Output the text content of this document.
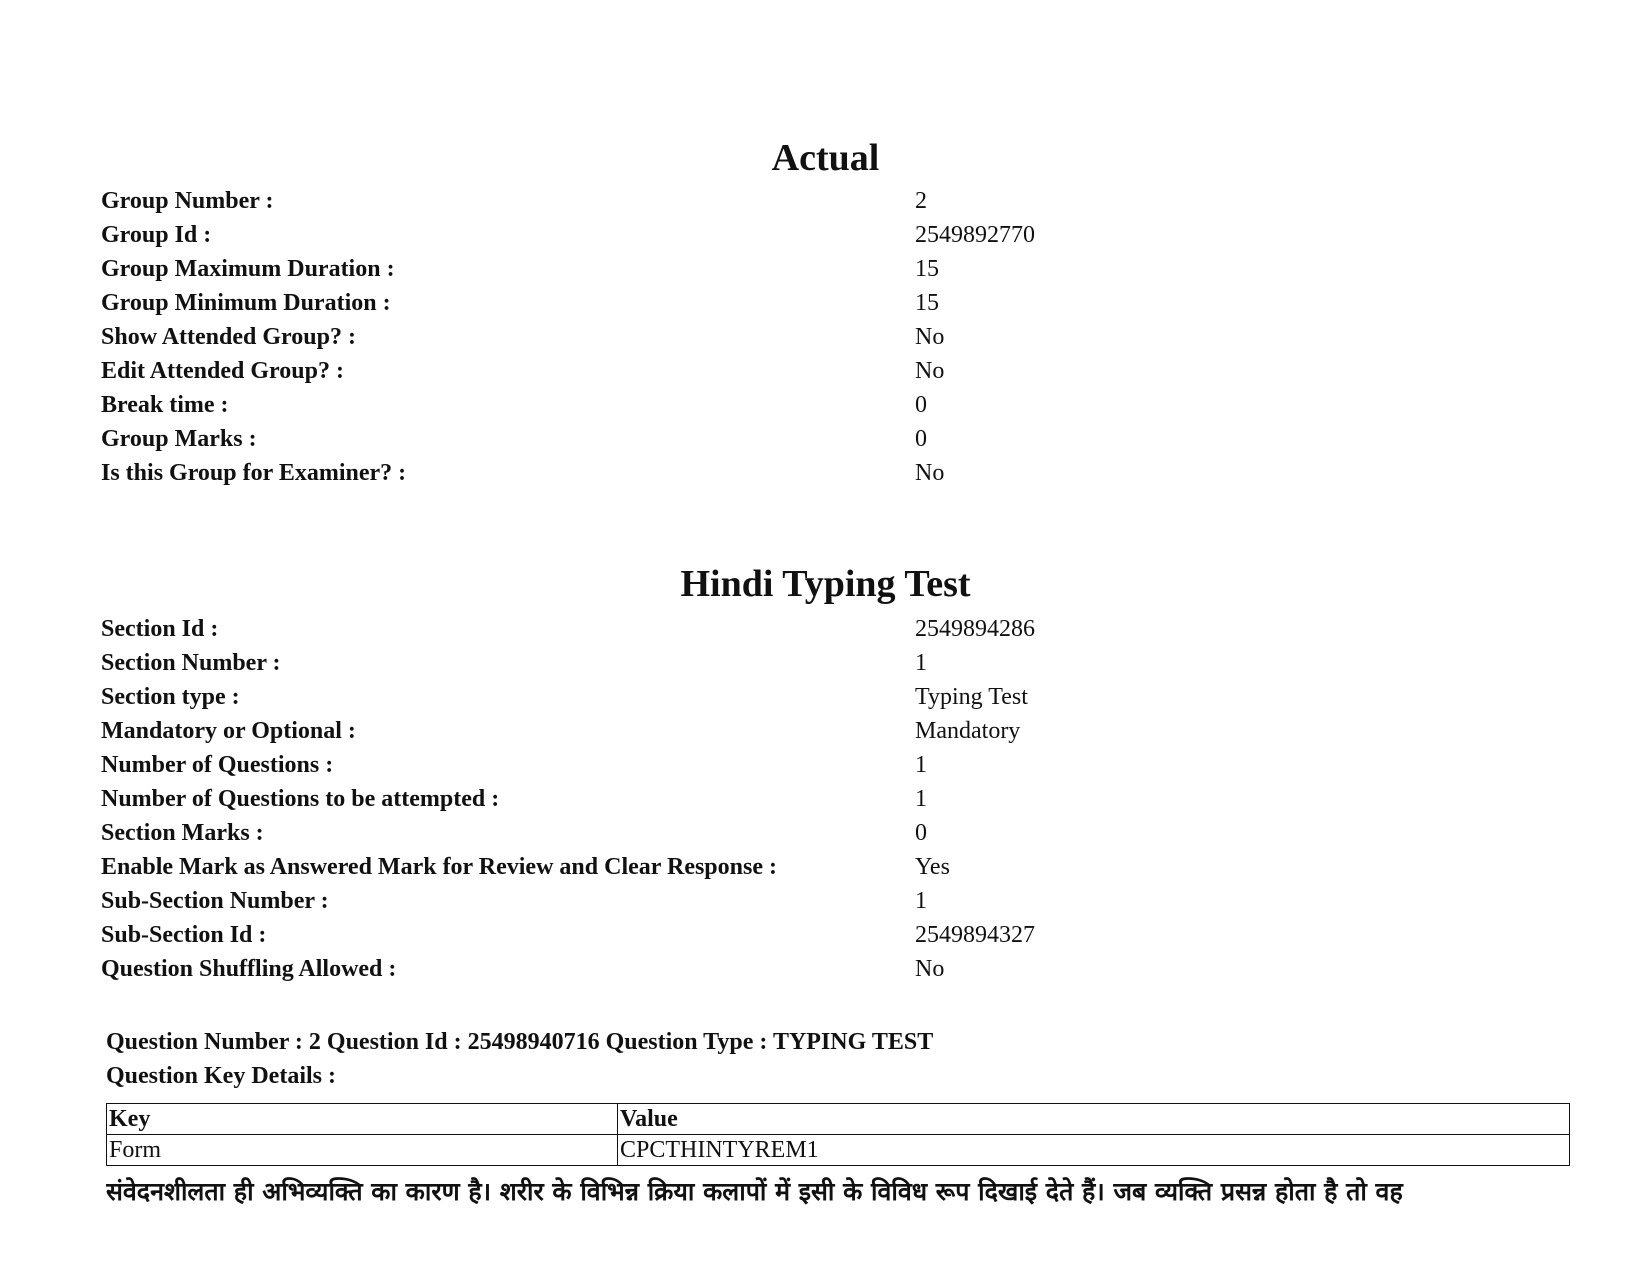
Actual
Group Number :	2
Group Id :	2549892770
Group Maximum Duration :	15
Group Minimum Duration :	15
Show Attended Group? :	No
Edit Attended Group? :	No
Break time :	0
Group Marks :	0
Is this Group for Examiner? :	No
Hindi Typing Test
Section Id :	2549894286
Section Number :	1
Section type :	Typing Test
Mandatory or Optional :	Mandatory
Number of Questions :	1
Number of Questions to be attempted :	1
Section Marks :	0
Enable Mark as Answered Mark for Review and Clear Response :	Yes
Sub-Section Number :	1
Sub-Section Id :	2549894327
Question Shuffling Allowed :	No
Question Number : 2 Question Id : 25498940716 Question Type : TYPING TEST
Question Key Details :
Key	Value
Form	CPCTHINTYREM1
संवेदनशीलता ही अभिव्यक्ति का कारण है। शरीर के विभिन्न क्रिया कलापों में इसी के विविध रूप दिखाई देते हैं। जब व्यक्ति प्रसन्न होता है तो वह
